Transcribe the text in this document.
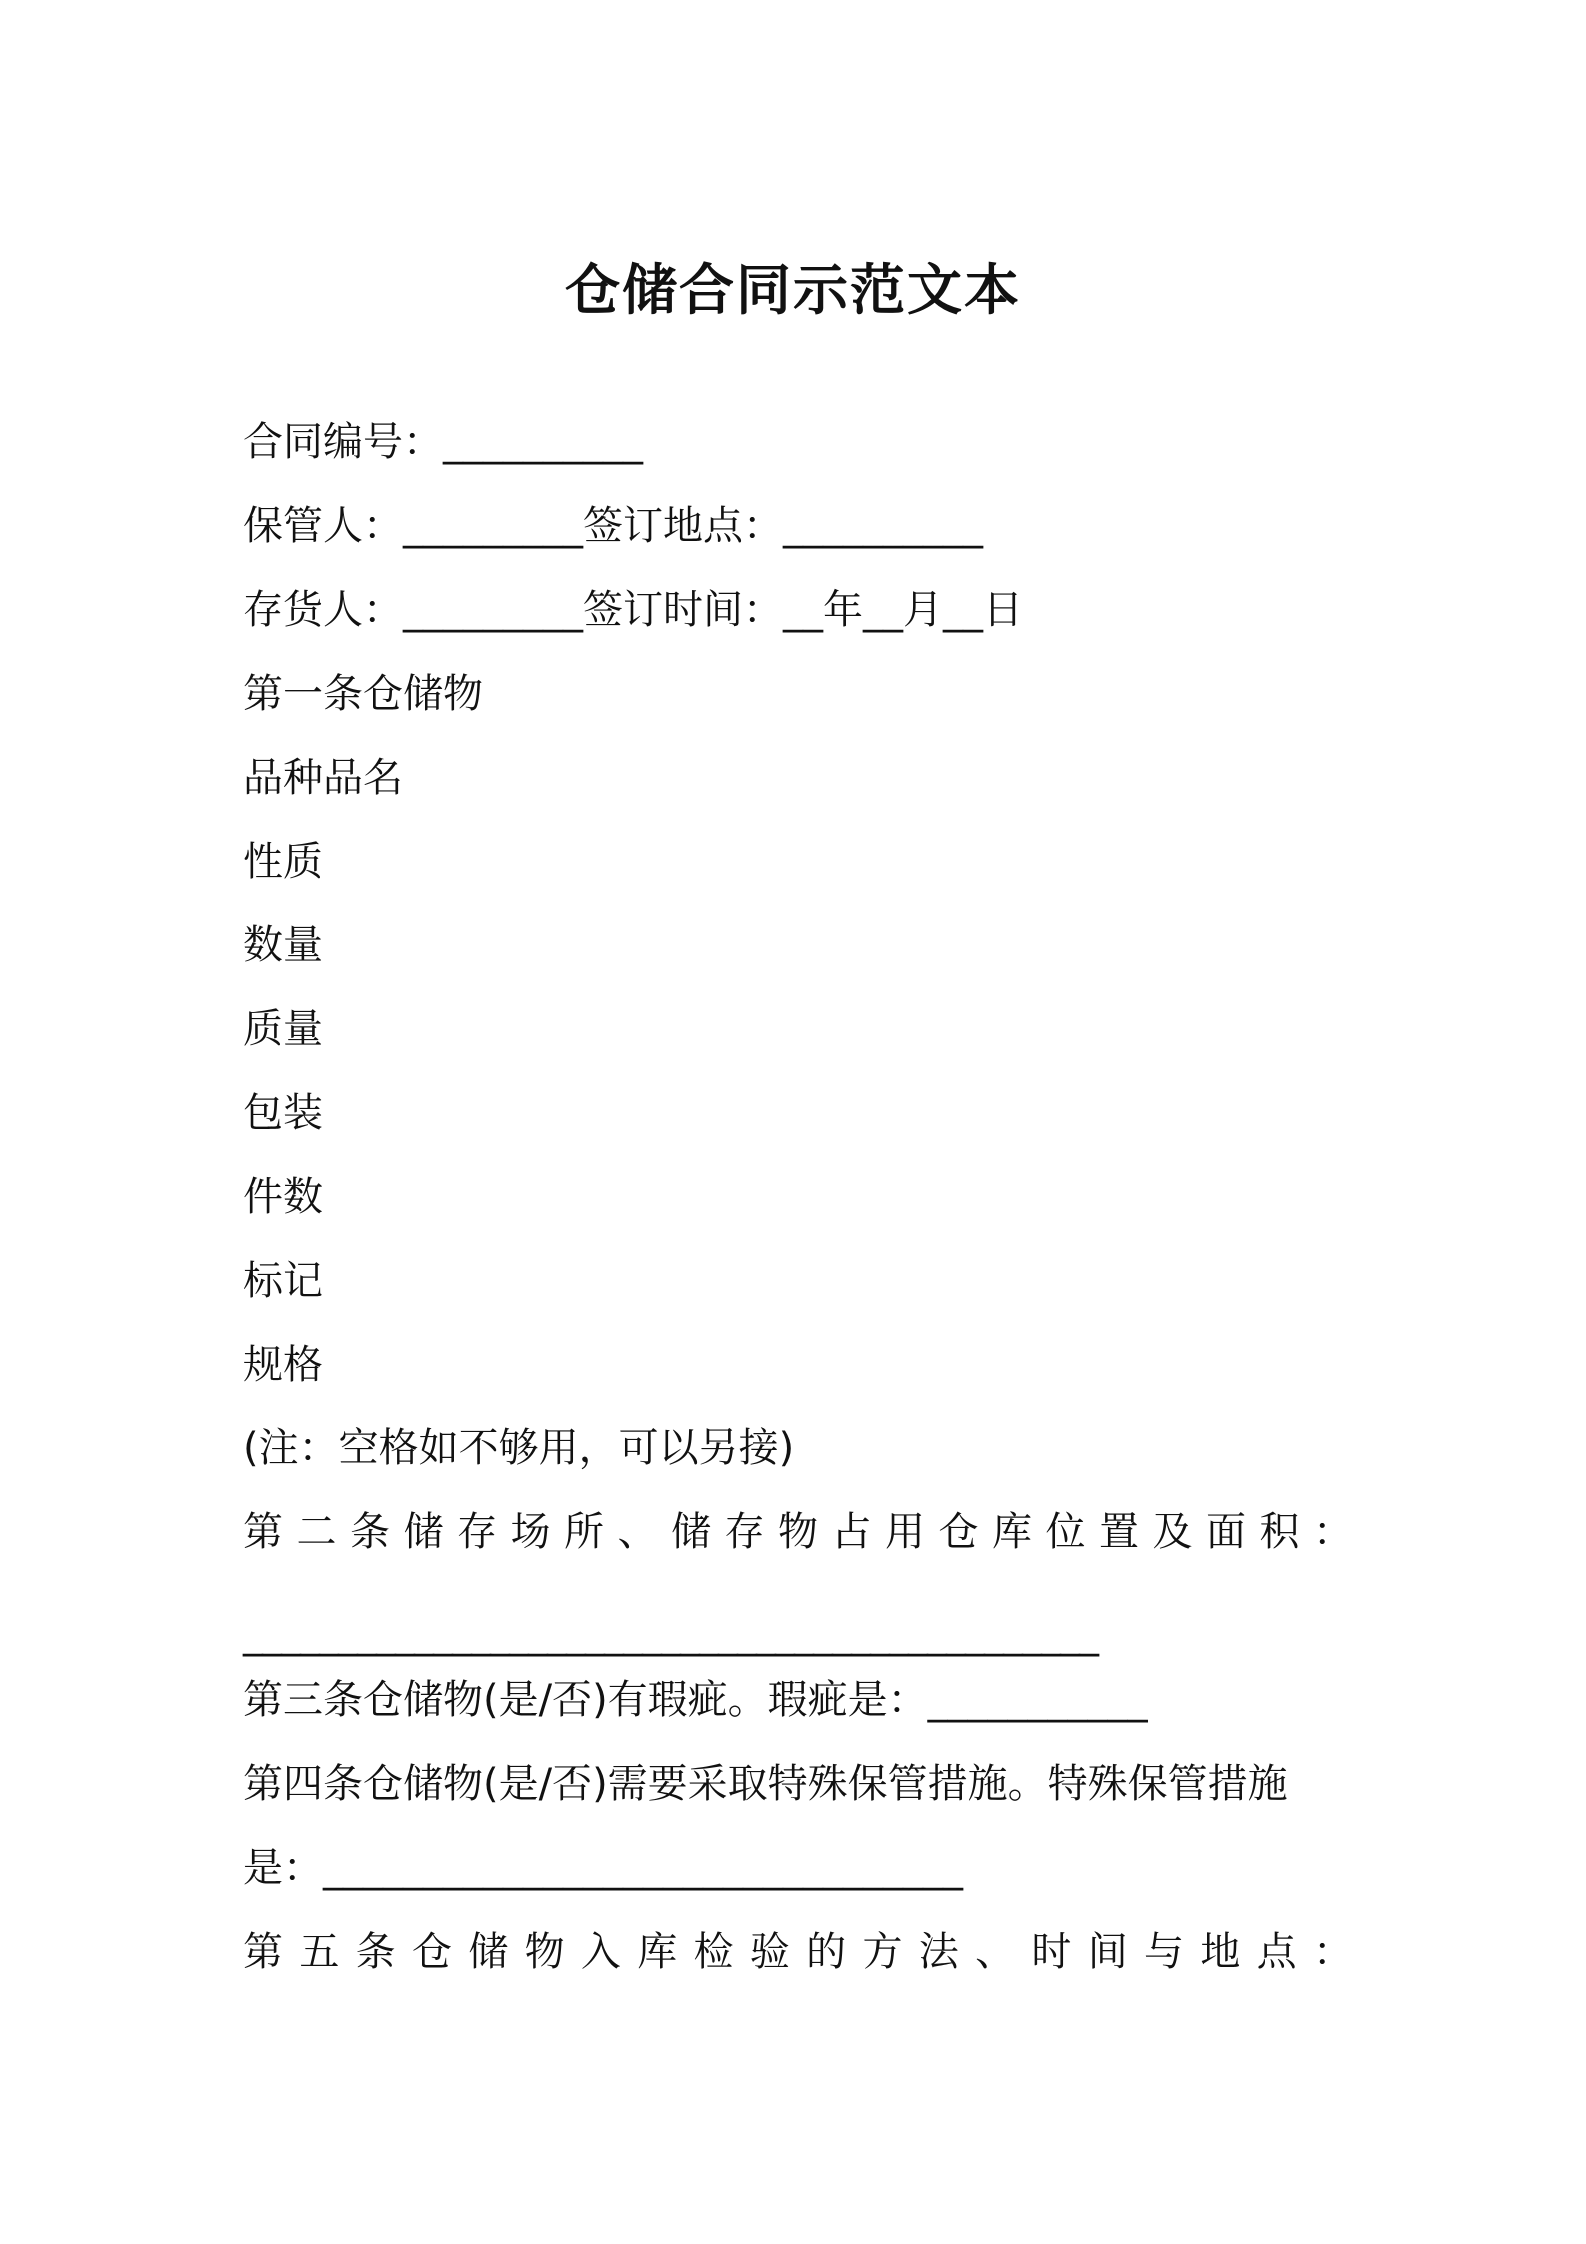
仓储合同示范文本
合同编号：__________
保管人：_________签订地点：__________
存货人：_________签订时间：__年__月__日
第一条仓储物
品种品名
性质
数量
质量
包装
件数
标记
规格
(注：空格如不够用，可以另接)
第 二 条 储 存 场 所 、 储 存 物 占 用 仓 库 位 置 及 面 积 ：
_____________________________________________
第三条仓储物(是/否)有瑕疵。瑕疵是：___________
第四条仓储物(是/否)需要采取特殊保管措施。特殊保管措施
是：________________________________
第 五 条 仓 储 物 入 库 检 验 的 方 法 、 时 间 与 地 点 ：
